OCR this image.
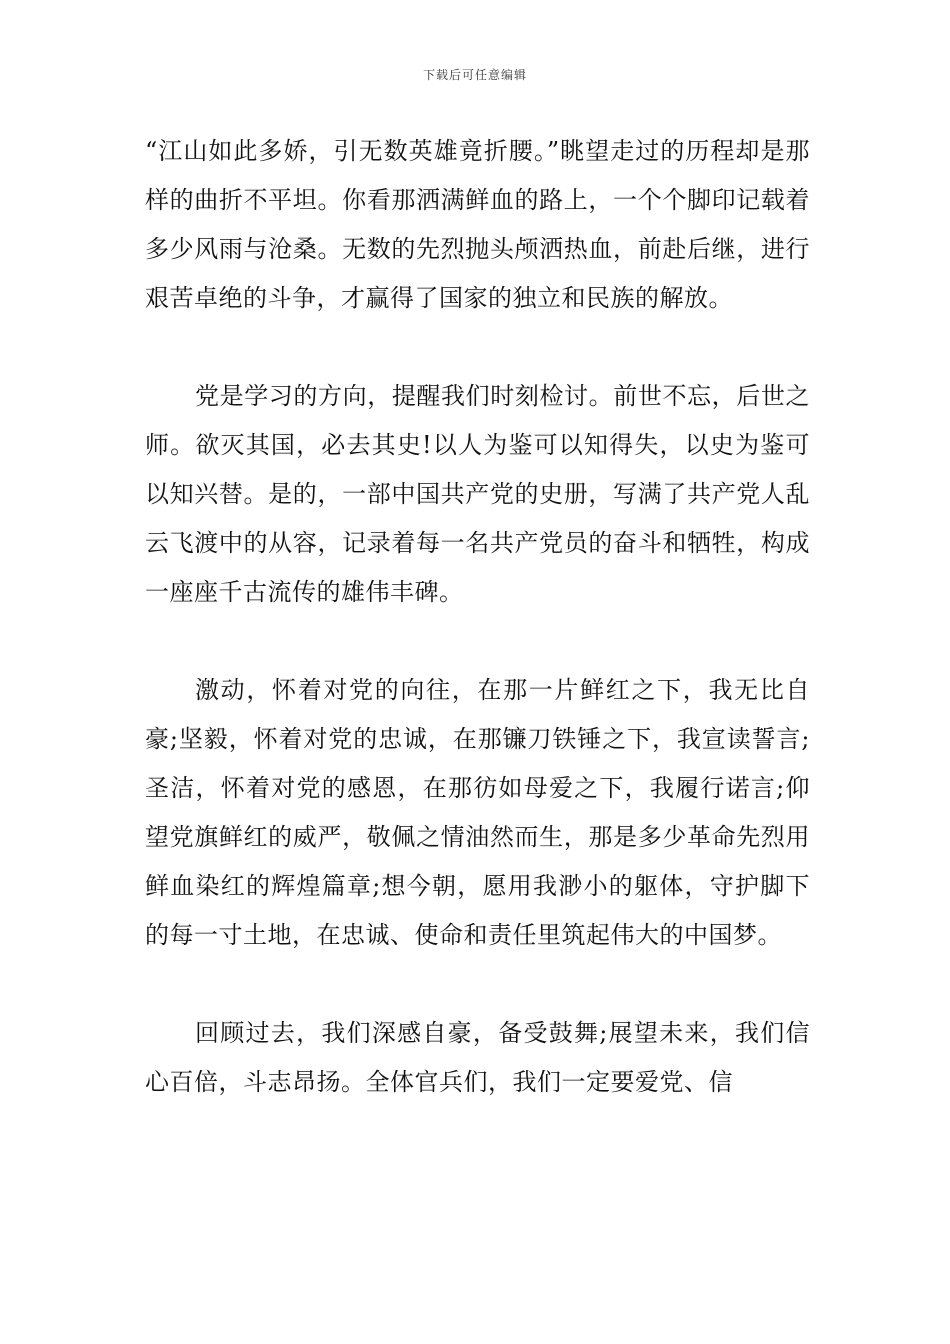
下载后可任意编辑

“江山如此多娇，引无数英雄竟折腰。”眺望走过的历程却是那样的曲折不平坦。你看那洒满鲜血的路上，一个个脚印记载着多少风雨与沧桑。无数的先烈抛头颅洒热血，前赴后继，进行艰苦卓绝的斗争，才赢得了国家的独立和民族的解放。

党是学习的方向，提醒我们时刻检讨。前世不忘，后世之师。欲灭其国，必去其史!以人为鉴可以知得失，以史为鉴可以知兴替。是的，一部中国共产党的史册，写满了共产党人乱云飞渡中的从容，记录着每一名共产党员的奋斗和牺牲，构成一座座千古流传的雄伟丰碑。

激动，怀着对党的向往，在那一片鲜红之下，我无比自豪;坚毅，怀着对党的忠诚，在那镰刀铁锤之下，我宣读誓言;圣洁，怀着对党的感恩，在那彷如母爱之下，我履行诺言;仰望党旗鲜红的威严，敬佩之情油然而生，那是多少革命先烈用鲜血染红的辉煌篇章;想今朝，愿用我渺小的躯体，守护脚下的每一寸土地，在忠诚、使命和责任里筑起伟大的中国梦。

回顾过去，我们深感自豪，备受鼓舞;展望未来，我们信心百倍，斗志昂扬。全体官兵们，我们一定要爱党、信
